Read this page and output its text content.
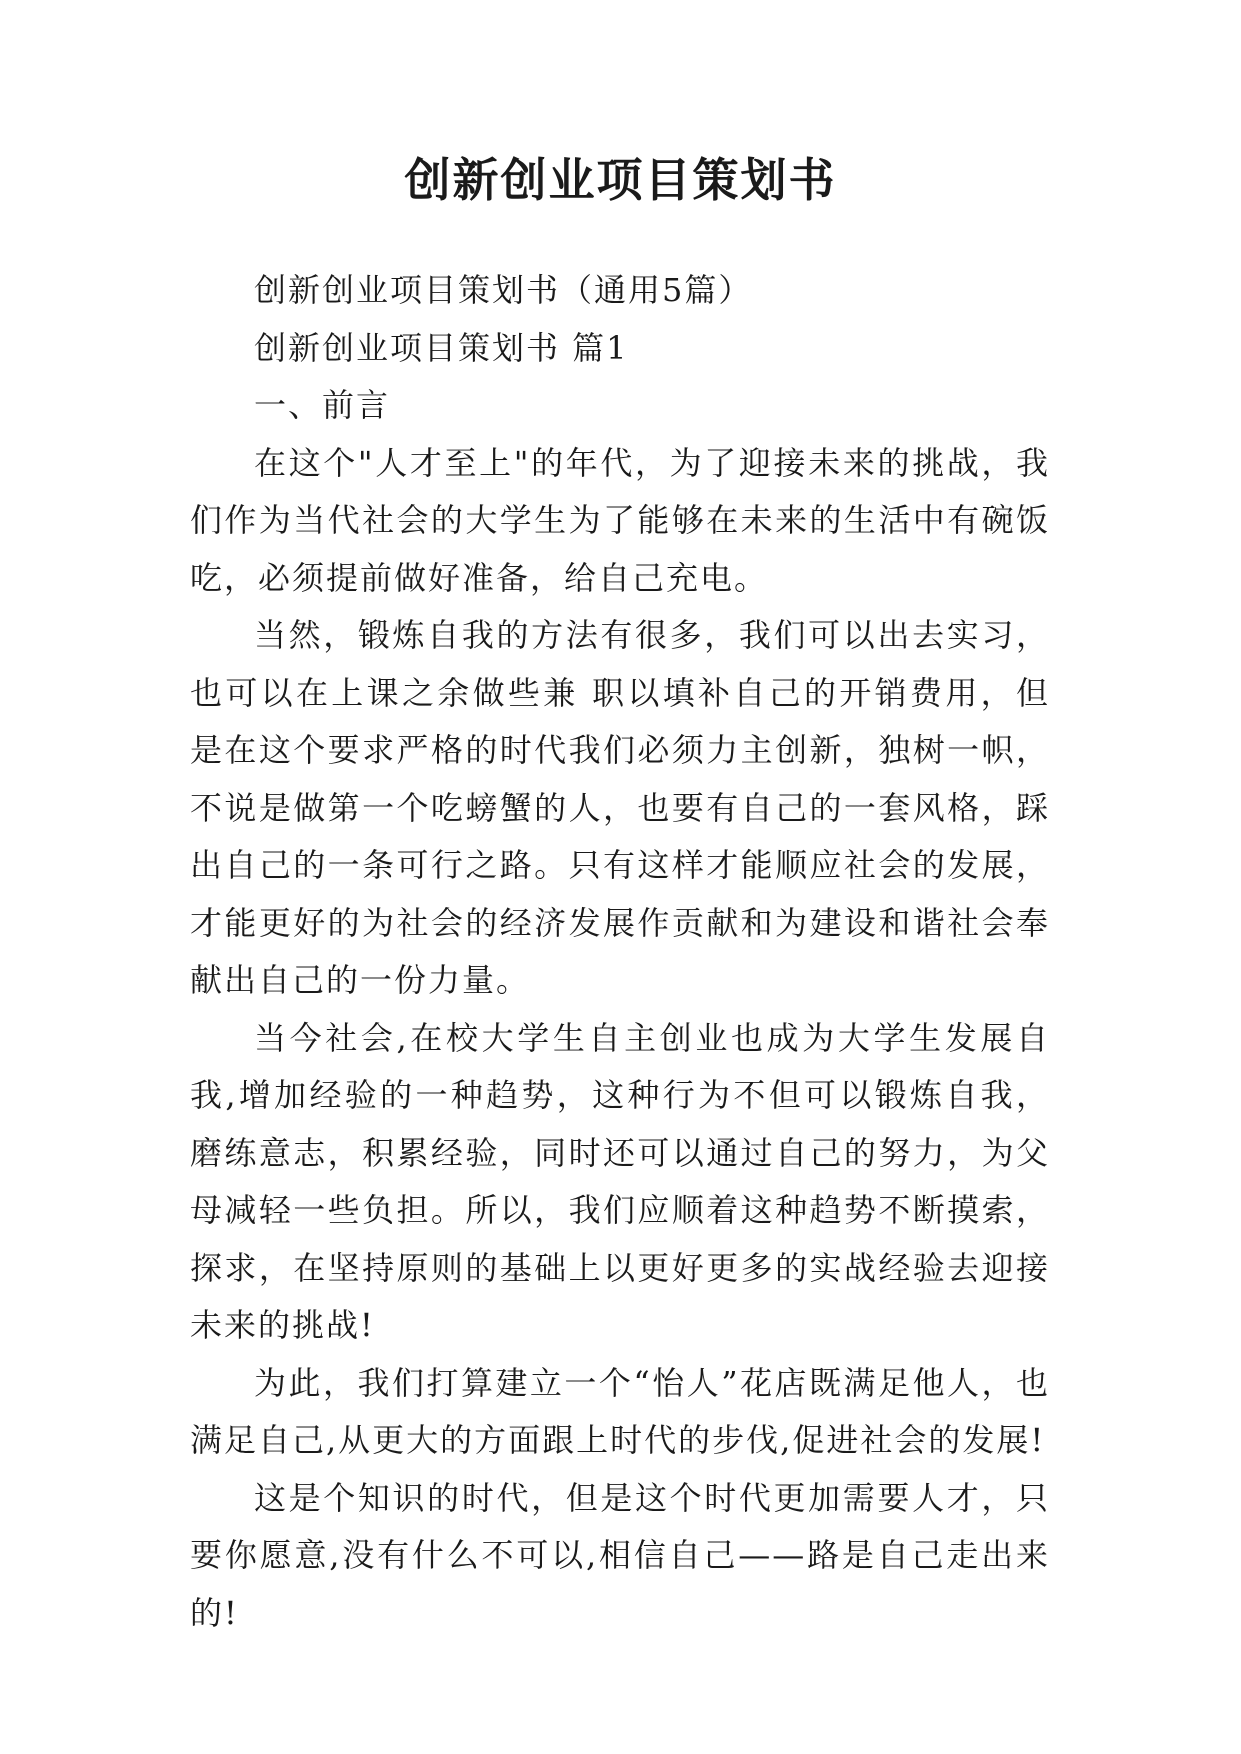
创新创业项目策划书

创新创业项目策划书（通用5篇）

创新创业项目策划书 篇1

一、前言

在这个"人才至上"的年代，为了迎接未来的挑战，我们作为当代社会的大学生为了能够在未来的生活中有碗饭吃，必须提前做好准备，给自己充电。

当然，锻炼自我的方法有很多，我们可以出去实习，也可以在上课之余做些兼 职以填补自己的开销费用，但是在这个要求严格的时代我们必须力主创新，独树一帜，不说是做第一个吃螃蟹的人，也要有自己的一套风格，踩出自己的一条可行之路。只有这样才能顺应社会的发展，才能更好的为社会的经济发展作贡献和为建设和谐社会奉献出自己的一份力量。

当今社会,在校大学生自主创业也成为大学生发展自我,增加经验的一种趋势，这种行为不但可以锻炼自我，磨练意志，积累经验，同时还可以通过自己的努力，为父母减轻一些负担。所以，我们应顺着这种趋势不断摸索，探求，在坚持原则的基础上以更好更多的实战经验去迎接未来的挑战!

为此，我们打算建立一个“怡人”花店既满足他人，也满足自己,从更大的方面跟上时代的步伐,促进社会的发展!

这是个知识的时代，但是这个时代更加需要人才，只要你愿意,没有什么不可以,相信自己——路是自己走出来的!
